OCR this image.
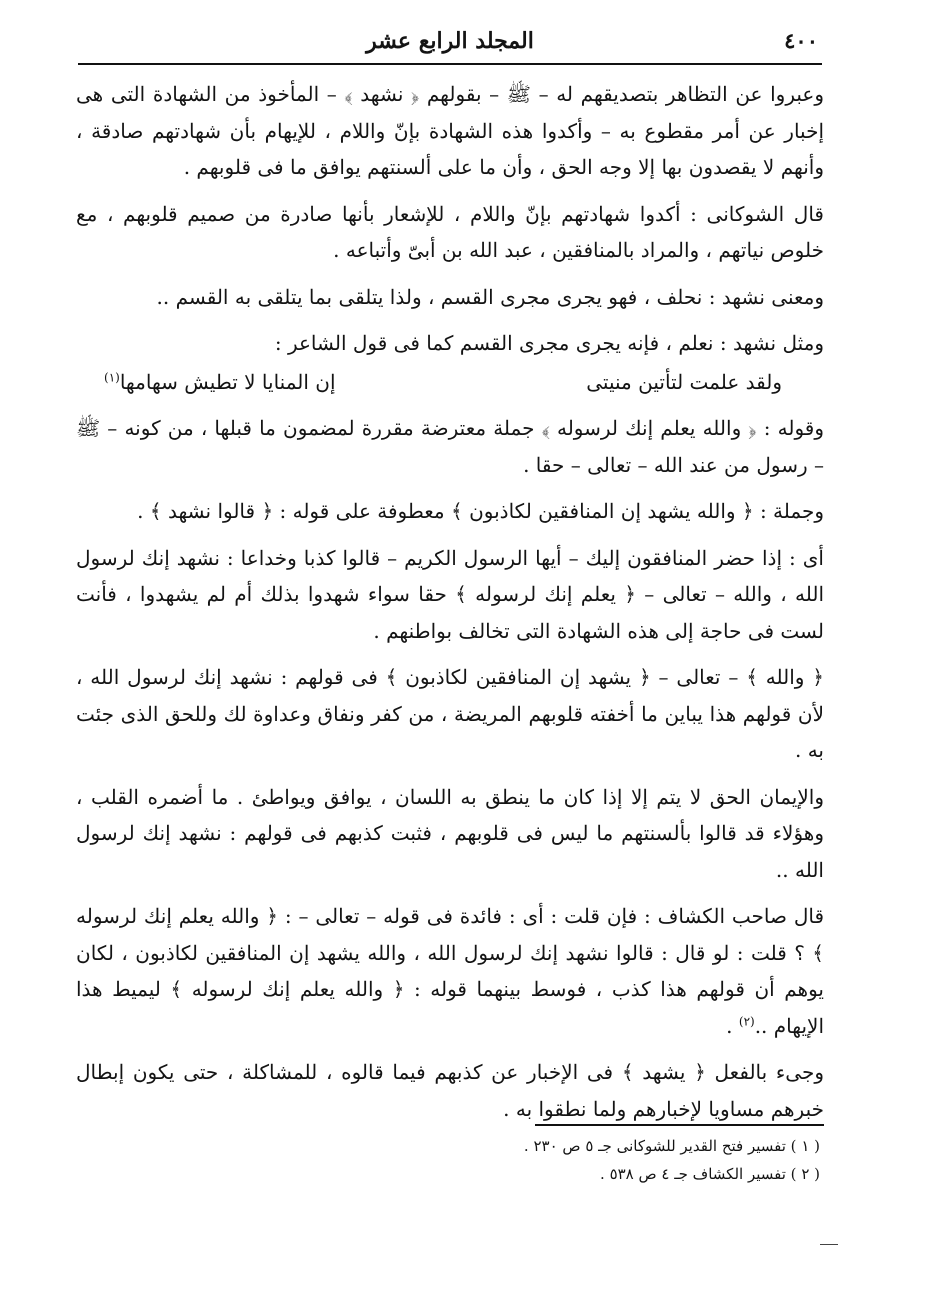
٤٠٠
المجلد الرابع عشر

وعبروا عن التظاهر بتصديقهم له – ﷺ – بقولهم ﴿ نشهد ﴾ – المأخوذ من الشهادة التى هى إخبار عن أمر مقطوع به – وأكدوا هذه الشهادة بإنّ واللام ، للإيهام بأن شهادتهم صادقة ، وأنهم لا يقصدون بها إلا وجه الحق ، وأن ما على ألسنتهم يوافق ما فى قلوبهم .

قال الشوكانى : أكدوا شهادتهم بإنّ واللام ، للإشعار بأنها صادرة من صميم قلوبهم ، مع خلوص نياتهم ، والمراد بالمنافقين ، عبد الله بن أبىّ وأتباعه .

ومعنى نشهد : نحلف ، فهو يجرى مجرى القسم ، ولذا يتلقى بما يتلقى به القسم ..

ومثل نشهد : نعلم ، فإنه يجرى مجرى القسم كما فى قول الشاعر :

ولقد علمت لتأتين منيتى
إن المنايا لا تطيش سهامها$^{(١)}$

وقوله : ﴿ والله يعلم إنك لرسوله ﴾ جملة معترضة مقررة لمضمون ما قبلها ، من كونه – ﷺ – رسول من عند الله – تعالى – حقا .

وجملة : ﴿ والله يشهد إن المنافقين لكاذبون ﴾ معطوفة على قوله : ﴿ قالوا نشهد ﴾ .

أى : إذا حضر المنافقون إليك – أيها الرسول الكريم – قالوا كذبا وخداعا : نشهد إنك لرسول الله ، والله – تعالى – ﴿ يعلم إنك لرسوله ﴾ حقا سواء شهدوا بذلك أم لم يشهدوا ، فأنت لست فى حاجة إلى هذه الشهادة التى تخالف بواطنهم .

﴿ والله ﴾ – تعالى – ﴿ يشهد إن المنافقين لكاذبون ﴾ فى قولهم : نشهد إنك لرسول الله ، لأن قولهم هذا يباين ما أخفته قلوبهم المريضة ، من كفر ونفاق وعداوة لك وللحق الذى جئت به .

والإيمان الحق لا يتم إلا إذا كان ما ينطق به اللسان ، يوافق ويواطئ . ما أضمره القلب ، وهؤلاء قد قالوا بألسنتهم ما ليس فى قلوبهم ، فثبت كذبهم فى قولهم : نشهد إنك لرسول الله ..

قال صاحب الكشاف : فإن قلت : أى : فائدة فى قوله – تعالى – : ﴿ والله يعلم إنك لرسوله ﴾ ؟ قلت : لو قال : قالوا نشهد إنك لرسول الله ، والله يشهد إن المنافقين لكاذبون ، لكان يوهم أن قولهم هذا كذب ، فوسط بينهما قوله : ﴿ والله يعلم إنك لرسوله ﴾ ليميط هذا الإيهام ..$^{(٢)}$ .

وجىء بالفعل ﴿ يشهد ﴾ فى الإخبار عن كذبهم فيما قالوه ، للمشاكلة ، حتى يكون إبطال خبرهم مساويا لإخبارهم ولما نطقوا به .

( ١ ) تفسير فتح القدير للشوكانى جـ ٥ ص ٢٣٠ .
( ٢ ) تفسير الكشاف جـ ٤ ص ٥٣٨ .
